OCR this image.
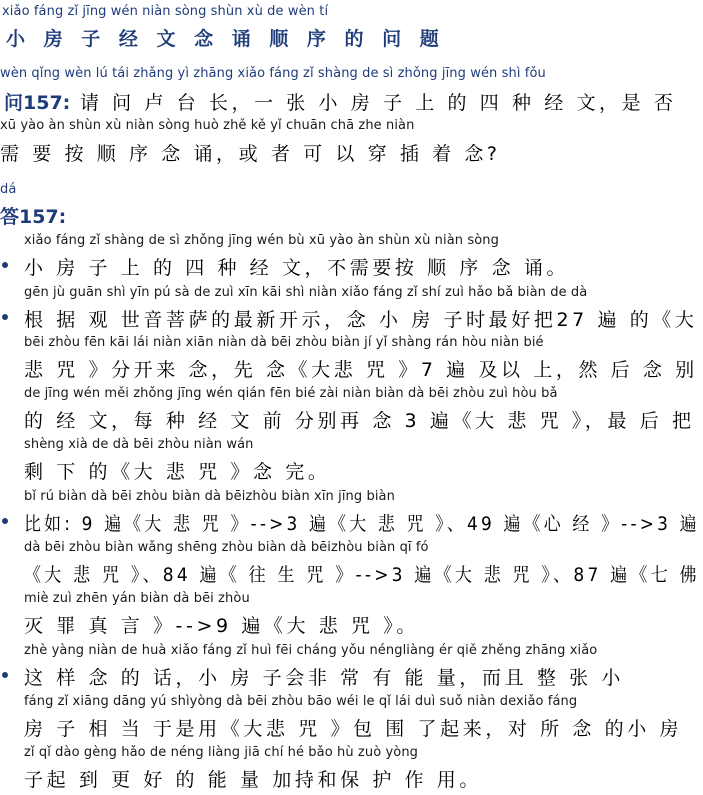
xiǎo fáng zǐ jīng wén niàn sòng shùn xù de wèn tí
小 房 子 经 文 念 诵 顺 序 的 问 题
wèn qǐng wèn lú tái zhǎng yì zhāng xiǎo fáng zǐ shàng de sì zhǒng jīng wén shì fǒu
问157: 请 问 卢 台 长，一 张 小 房 子 上 的 四 种 经 文，是 否
xū yào àn shùn xù niàn sòng huò zhě kě yǐ chuān chā zhe niàn
需 要 按 顺 序 念 诵，或 者 可 以 穿 插 着 念?
dá
答157:
xiǎo fáng zǐ shàng de sì zhǒng jīng wén bù xū yào àn shùn xù niàn sòng
小 房 子 上 的 四 种 经 文，不需要按 顺 序 念 诵。
gēn jù guān shì yīn pú sà de zuì xīn kāi shì niàn xiǎo fáng zǐ shí zuì hǎo bǎ biàn de dà
根 据 观 世音菩萨的最新开示，念 小 房 子时最好把27 遍 的《大
bēi zhòu fēn kāi lái niàn xiān niàn dà bēi zhòu biàn jí yǐ shàng rán hòu niàn bié
悲 咒 》分开来 念，先 念《大悲 咒 》7 遍 及以 上，然 后 念 别
de jīng wén měi zhǒng jīng wén qián fēn bié zài niàn biàn dà bēi zhòu zuì hòu bǎ
的 经 文，每 种 经 文 前 分别再 念 3 遍《大 悲 咒 》，最 后 把
shèng xià de dà bēi zhòu niàn wán
剩 下 的《大 悲 咒 》念 完。
bǐ rú biàn dà bēi zhòu biàn dà bēizhòu biàn xīn jīng biàn
比如: 9 遍《大 悲 咒 》-->3 遍《大 悲 咒 》、49 遍《心 经 》-->3 遍
dà bēi zhòu biàn wǎng shēng zhòu biàn dà bēizhòu biàn qī fó
《大 悲 咒 》、84 遍《 往 生 咒 》-->3 遍《大 悲 咒 》、87 遍《七 佛
miè zuì zhēn yán biàn dà bēi zhòu
灭 罪 真 言 》-->9 遍《大 悲 咒 》。
zhè yàng niàn de huà xiǎo fáng zǐ huì fēi cháng yǒu néngliàng ér qiě zhěng zhāng xiǎo
这 样 念 的 话，小 房 子会非 常 有 能 量，而且 整 张 小
fáng zǐ xiāng dāng yú shìyòng dà bēi zhòu bāo wéi le qǐ lái duì suǒ niàn dexiǎo fáng
房 子 相 当 于是用《大悲 咒 》包 围 了起来，对 所 念 的小 房
zǐ qǐ dào gèng hǎo de néng liàng jiā chí hé bǎo hù zuò yòng
子起 到 更 好 的 能 量 加持和保 护 作 用。
